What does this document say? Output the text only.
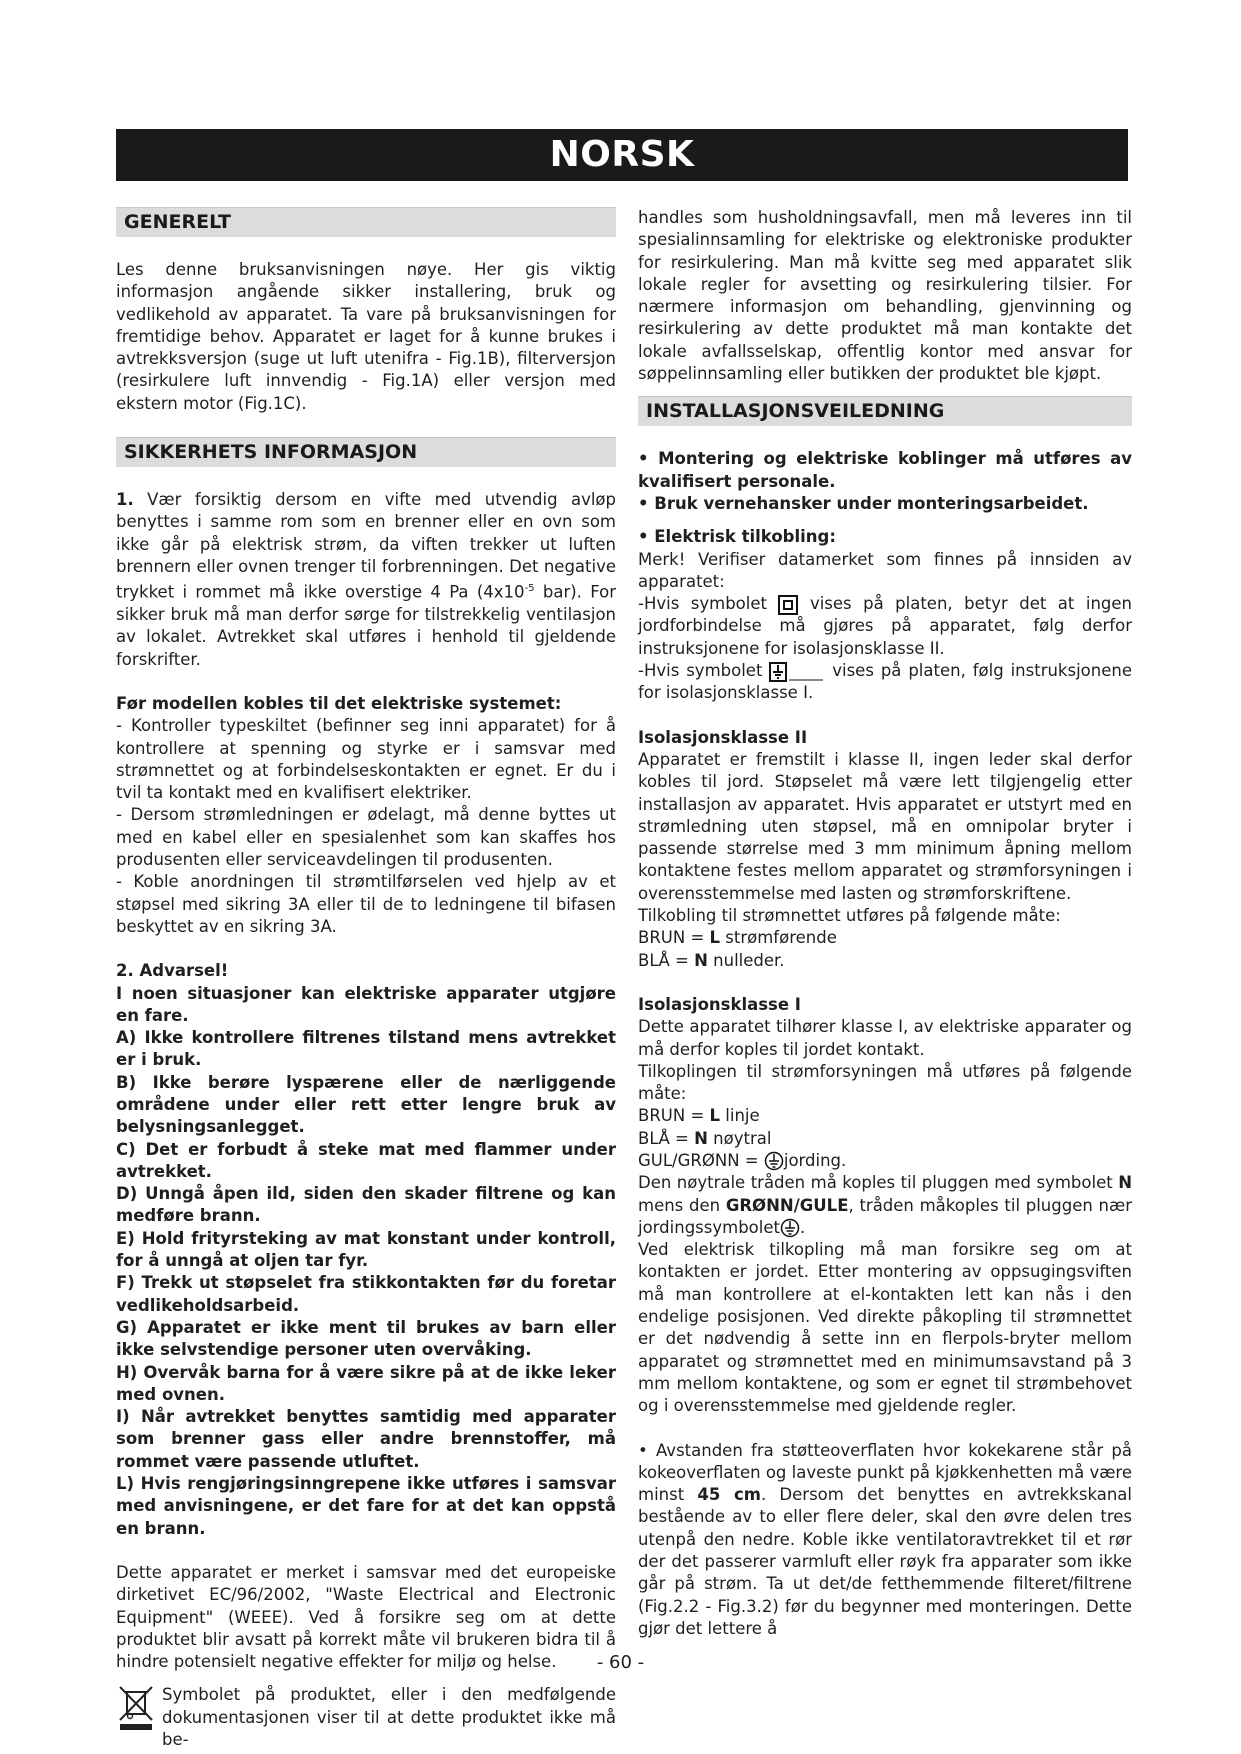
NORSK	N
GENERELT

Les denne bruksanvisningen nøye. Her gis viktig informasjon angående sikker installering, bruk og vedlikehold av apparatet. Ta vare på bruksanvisningen for fremtidige behov. Apparatet er laget for å kunne brukes i avtrekksversjon (suge ut luft utenifra - Fig.1B), filterversjon (resirkulere luft innvendig - Fig.1A) eller versjon med ekstern motor (Fig.1C).

SIKKERHETS INFORMASJON

1. Vær forsiktig dersom en vifte med utvendig avløp benyttes i samme rom som en brenner eller en ovn som ikke går på elektrisk strøm, da viften trekker ut luften brennern eller ovnen trenger til forbrenningen. Det negative trykket i rommet må ikke overstige 4 Pa ($4x10^{-5}$ bar). For sikker bruk må man derfor sørge for tilstrekkelig ventilasjon av lokalet. Avtrekket skal utføres i henhold til gjeldende forskrifter.

Før modellen kobles til det elektriske systemet:

- Kontroller typeskiltet (befinner seg inni apparatet) for å kontrollere at spenning og styrke er i samsvar med strømnettet og at forbindelseskontakten er egnet. Er du i tvil ta kontakt med en kvalifisert elektriker.

- Dersom strømledningen er ødelagt, må denne byttes ut med en kabel eller en spesialenhet som kan skaffes hos produsenten eller serviceavdelingen til produsenten.

- Koble anordningen til strømtilførselen ved hjelp av et støpsel med sikring 3A eller til de to ledningene til bifasen beskyttet av en sikring 3A.

2. Advarsel!

I noen situasjoner kan elektriske apparater utgjøre en fare.

A) Ikke kontrollere filtrenes tilstand mens avtrekket er i bruk.

B) Ikke berøre lyspærene eller de nærliggende områdene under eller rett etter lengre bruk av belysningsanlegget.

C) Det er forbudt å steke mat med flammer under avtrekket.

D) Unngå åpen ild, siden den skader filtrene og kan medføre brann.

E) Hold frityrsteking av mat konstant under kontroll, for å unngå at oljen tar fyr.

F) Trekk ut støpselet fra stikkontakten før du foretar vedlikeholdsarbeid.

G) Apparatet er ikke ment til brukes av barn eller ikke selvstendige personer uten overvåking.

H) Overvåk barna for å være sikre på at de ikke leker med ovnen.

I) Når avtrekket benyttes samtidig med apparater som brenner gass eller andre brennstoffer, må rommet være passende utluftet.

L) Hvis rengjøringsinngrepene ikke utføres i samsvar med anvisningene, er det fare for at det kan oppstå en brann.

Dette apparatet er merket i samsvar med det europeiske dirketivet EC/96/2002, "Waste Electrical and Electronic Equipment" (WEEE). Ved å forsikre seg om at dette produktet blir avsatt på korrekt måte vil brukeren bidra til å hindre potensielt negative effekter for miljø og helse.

Symbolet på produktet, eller i den medfølgende dokumentasjonen viser til at dette produktet ikke må be-

handles som husholdningsavfall, men må leveres inn til spesialinnsamling for elektriske og elektroniske produkter for resirkulering. Man må kvitte seg med apparatet slik lokale regler for avsetting og resirkulering tilsier. For nærmere informasjon om behandling, gjenvinning og resirkulering av dette produktet må man kontakte det lokale avfallsselskap, offentlig kontor med ansvar for søppelinnsamling eller butikken der produktet ble kjøpt.

INSTALLASJONSVEILEDNING

• Montering og elektriske koblinger må utføres av kvalifisert personale.

• Bruk vernehansker under monteringsarbeidet.

• Elektrisk tilkobling:

Merk! Verifiser datamerket som finnes på innsiden av apparatet:

-Hvis symbolet  vises på platen, betyr det at ingen jordforbindelse må gjøres på apparatet, følg derfor instruksjonene for isolasjonsklasse II.

-Hvis symbolet	vises på platen, følg instruksjonene for isolasjonsklasse I.

Isolasjonsklasse II

Apparatet er fremstilt i klasse II, ingen leder skal derfor kobles til jord. Støpselet må være lett tilgjengelig etter installasjon av apparatet. Hvis apparatet er utstyrt med en strømledning uten støpsel, må en omnipolar bryter i passende størrelse med 3 mm minimum åpning mellom kontaktene festes mellom apparatet og strømforsyningen i overensstemmelse med lasten og strømforskriftene.

Tilkobling til strømnettet utføres på følgende måte:

BRUN = L strømførende

BLÅ = N nulleder.

Isolasjonsklasse I

Dette apparatet tilhører klasse I, av elektriske apparater og må derfor koples til jordet kontakt.

Tilkoplingen til strømforsyningen må utføres på følgende måte:

BRUN = L linje

BLÅ = N nøytral

GUL/GRØNN = jording.

Den nøytrale tråden må koples til pluggen med symbolet N mens den GRØNN/GULE, tråden måkoples til pluggen nær jordingssymbolet .

Ved elektrisk tilkopling må man forsikre seg om at kontakten er jordet. Etter montering av oppsugingsviften må man kontrollere at el-kontakten lett kan nås i den endelige posisjonen. Ved direkte påkopling til strømnettet er det nødvendig å sette inn en flerpols-bryter mellom apparatet og strømnettet med en minimumsavstand på 3 mm mellom kontaktene, og som er egnet til strømbehovet og i overensstemmelse med gjeldende regler.

• Avstanden fra støtteoverflaten hvor kokekarene står på kokeoverflaten og laveste punkt på kjøkkenhetten må være minst 45 cm. Dersom det benyttes en avtrekkskanal bestående av to eller flere deler, skal den øvre delen tres utenpå den nedre. Koble ikke ventilatoravtrekket til et rør der det passerer varmluft eller røyk fra apparater som ikke går på strøm. Ta ut det/de fetthemmende filteret/filtrene (Fig.2.2 - Fig.3.2) før du begynner med monteringen. Dette gjør det lettere å

- 60 -
